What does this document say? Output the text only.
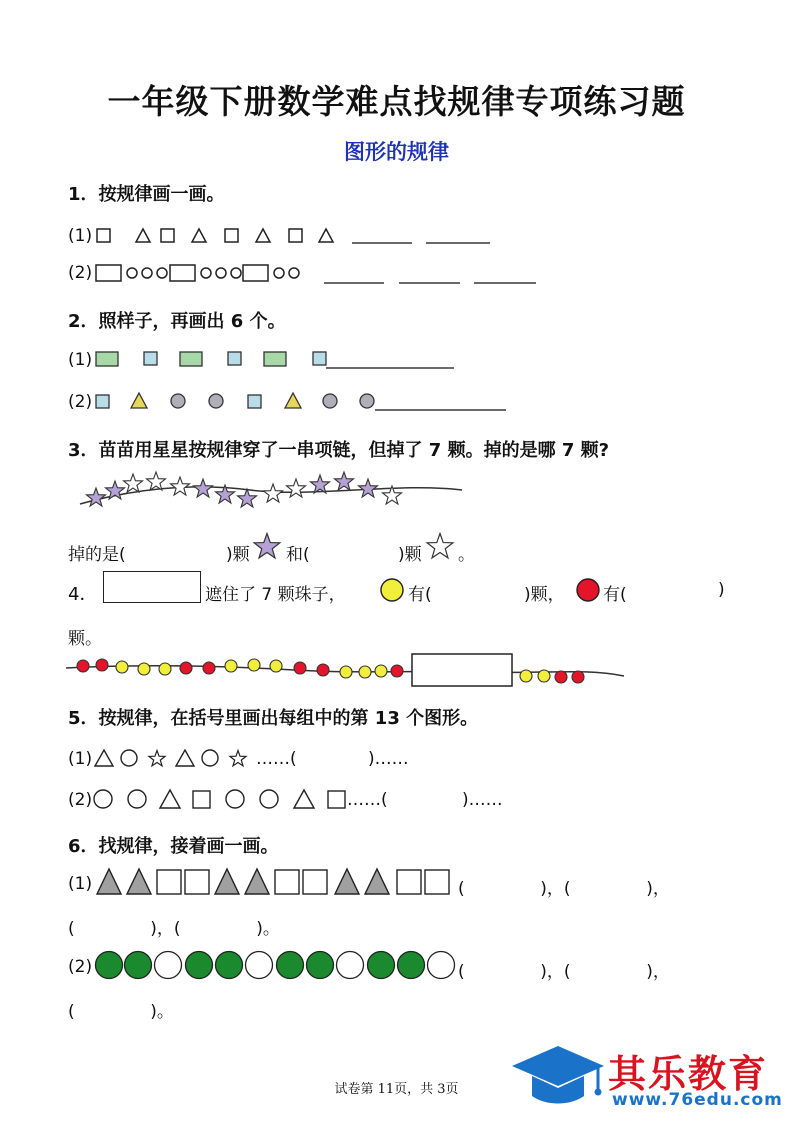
一年级下册数学难点找规律专项练习题
图形的规律
1．按规律画一画。
(1)
(2)
2．照样子，再画出 6 个。
(1)
(2)
3．苗苗用星星按规律穿了一串项链，但掉了 7 颗。掉的是哪 7 颗?
掉的是(	)颗 和(	)颗 。
4．	遮住了 7 颗珠子，	有(	)颗， 有(	)
颗。
5．按规律，在括号里画出每组中的第 13 个图形。
(1)	……(	)……
(2)	……(	)……
6．找规律，接着画一画。
(1)	(              )，(              )，
(              )，(              )。
(2)	(              )，(              )，
(              )。
试卷第 11页，共 3页	其乐教育
www.76edu.com
